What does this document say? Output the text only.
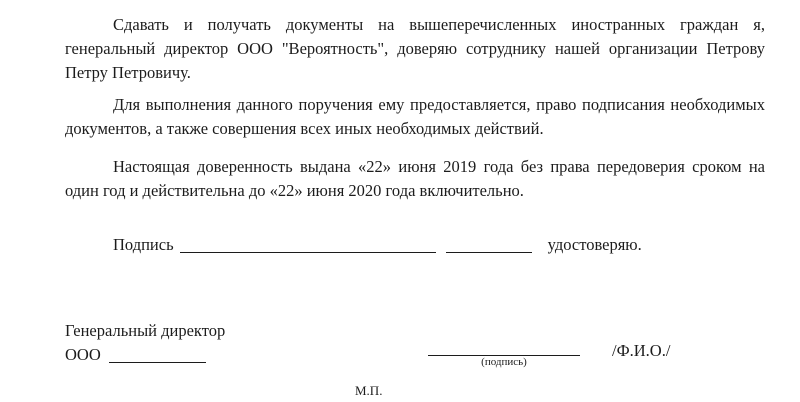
Сдавать и получать документы на вышеперечисленных иностранных граждан я, генеральный директор ООО "Вероятность", доверяю сотруднику нашей организации Петрову Петру Петровичу.

Для выполнения данного поручения ему предоставляется, право подписания необходимых документов, а также совершения всех иных необходимых действий.

Настоящая доверенность выдана «22» июня 2019 года без права передоверия сроком на один год и действительна до «22» июня 2020 года включительно.

Подпись	удостоверяю.
Генеральный директор
ООО	(подпись)
/Ф.И.О./
М.П.
